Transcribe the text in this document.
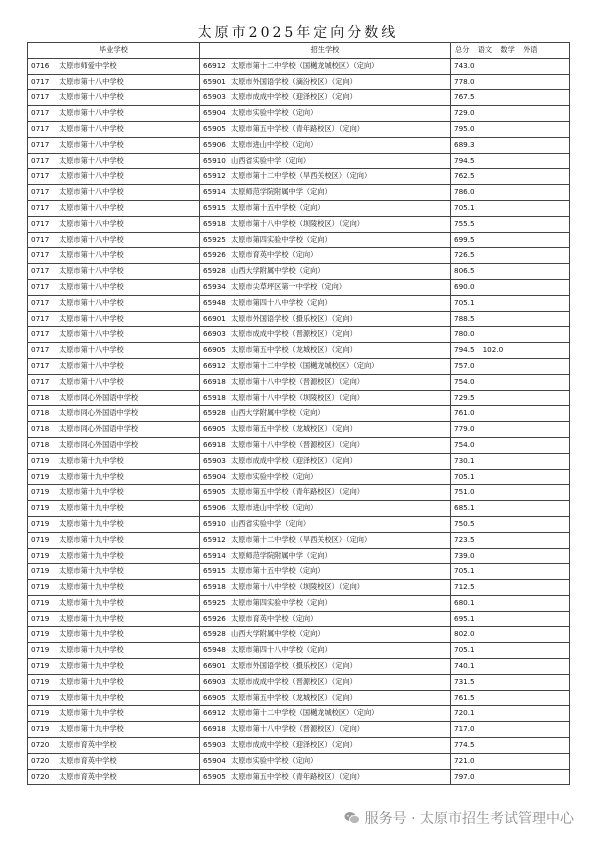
太原市2025年定向分数线
毕业学校	招生学校	总分 语文 数学 外语
0716 太原市师爱中学校	66912 太原市第十二中学校（国樾龙城校区）（定向）	743.0
0717 太原市第十八中学校	65901 太原市外国语学校（滴汾校区）（定向）	778.0
0717 太原市第十八中学校	65903 太原市成成中学校（迎泽校区）（定向）	767.5
0717 太原市第十八中学校	65904 太原市实验中学校（定向）	729.0
0717 太原市第十八中学校	65905 太原市第五中学校（青年路校区）（定向）	795.0
0717 太原市第十八中学校	65906 太原市进山中学校（定向）	689.3
0717 太原市第十八中学校	65910 山西省实验中学（定向）	794.5
0717 太原市第十八中学校	65912 太原市第十二中学校（旱西关校区）（定向）	762.5
0717 太原市第十八中学校	65914 太原师范学院附属中学（定向）	786.0
0717 太原市第十八中学校	65915 太原市第十五中学校（定向）	705.1
0717 太原市第十八中学校	65918 太原市第十八中学校（坝陵校区）（定向）	755.5
0717 太原市第十八中学校	65925 太原市第四实验中学校（定向）	699.5
0717 太原市第十八中学校	65926 太原市育英中学校（定向）	726.5
0717 太原市第十八中学校	65928 山西大学附属中学校（定向）	806.5
0717 太原市第十八中学校	65934 太原市尖草坪区第一中学校（定向）	690.0
0717 太原市第十八中学校	65948 太原市第四十八中学校（定向）	705.1
0717 太原市第十八中学校	66901 太原市外国语学校（摄乐校区）（定向）	788.5
0717 太原市第十八中学校	66903 太原市成成中学校（晋源校区）（定向）	780.0
0717 太原市第十八中学校	66905 太原市第五中学校（龙城校区）（定向）	794.5 102.0
0717 太原市第十八中学校	66912 太原市第十二中学校（国樾龙城校区）（定向）	757.0
0717 太原市第十八中学校	66918 太原市第十八中学校（晋源校区）（定向）	754.0
0718 太原市同心外国语中学校	65918 太原市第十八中学校（坝陵校区）（定向）	729.5
0718 太原市同心外国语中学校	65928 山西大学附属中学校（定向）	761.0
0718 太原市同心外国语中学校	66905 太原市第五中学校（龙城校区）（定向）	779.0
0718 太原市同心外国语中学校	66918 太原市第十八中学校（晋源校区）（定向）	754.0
0719 太原市第十九中学校	65903 太原市成成中学校（迎泽校区）（定向）	730.1
0719 太原市第十九中学校	65904 太原市实验中学校（定向）	705.1
0719 太原市第十九中学校	65905 太原市第五中学校（青年路校区）（定向）	751.0
0719 太原市第十九中学校	65906 太原市进山中学校（定向）	685.1
0719 太原市第十九中学校	65910 山西省实验中学（定向）	750.5
0719 太原市第十九中学校	65912 太原市第十二中学校（旱西关校区）（定向）	723.5
0719 太原市第十九中学校	65914 太原师范学院附属中学（定向）	739.0
0719 太原市第十九中学校	65915 太原市第十五中学校（定向）	705.1
0719 太原市第十九中学校	65918 太原市第十八中学校（坝陵校区）（定向）	712.5
0719 太原市第十九中学校	65925 太原市第四实验中学校（定向）	680.1
0719 太原市第十九中学校	65926 太原市育英中学校（定向）	695.1
0719 太原市第十九中学校	65928 山西大学附属中学校（定向）	802.0
0719 太原市第十九中学校	65948 太原市第四十八中学校（定向）	705.1
0719 太原市第十九中学校	66901 太原市外国语学校（摄乐校区）（定向）	740.1
0719 太原市第十九中学校	66903 太原市成成中学校（晋源校区）（定向）	731.5
0719 太原市第十九中学校	66905 太原市第五中学校（龙城校区）（定向）	761.5
0719 太原市第十九中学校	66912 太原市第十二中学校（国樾龙城校区）（定向）	720.1
0719 太原市第十九中学校	66918 太原市第十八中学校（晋源校区）（定向）	717.0
0720 太原市育英中学校	65903 太原市成成中学校（迎泽校区）（定向）	774.5
0720 太原市育英中学校	65904 太原市实验中学校（定向）	721.0
0720 太原市育英中学校	65905 太原市第五中学校（青年路校区）（定向）	797.0
服务号 · 太原市招生考试管理中心
